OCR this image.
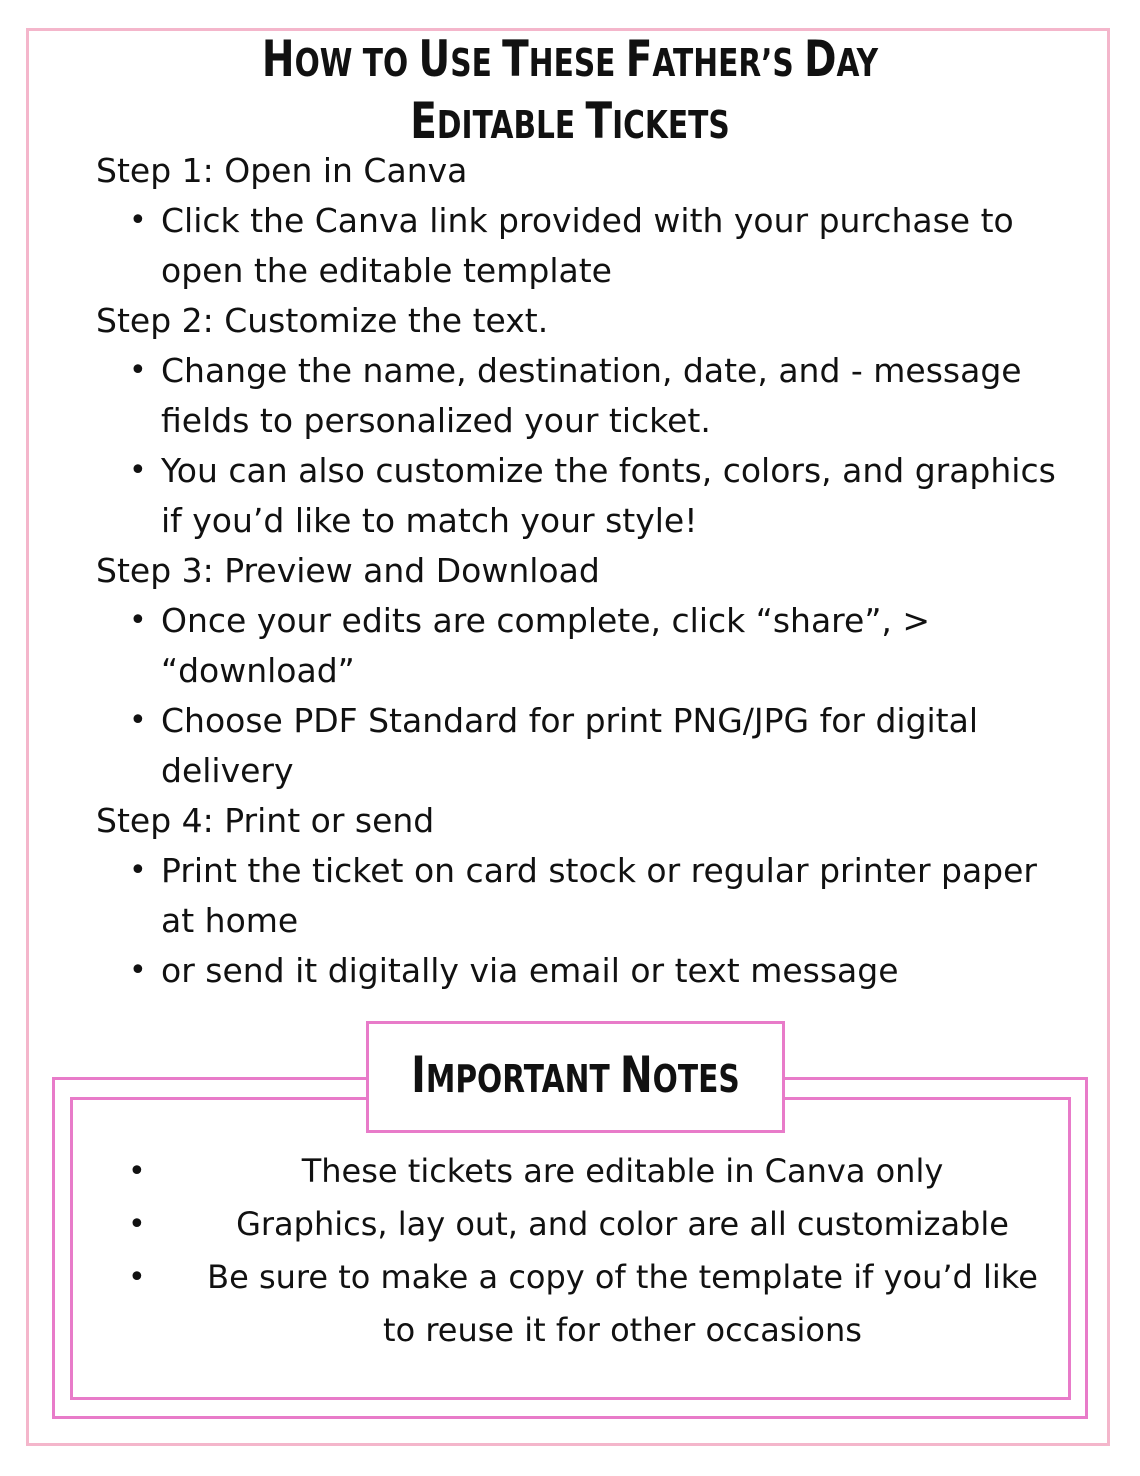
HOW TO USE THESE FATHER’S DAY
EDITABLE TICKETS
Step 1: Open in Canva
• Click the Canva link provided with your purchase to
open the editable template
Step 2: Customize the text.
• Change the name, destination, date, and - message
fields to personalized your ticket.
• You can also customize the fonts, colors, and graphics
if you’d like to match your style!
Step 3: Preview and Download
• Once your edits are complete, click “share”, >
“download”
• Choose PDF Standard for print PNG/JPG for digital
delivery
Step 4: Print or send
• Print the ticket on card stock or regular printer paper
at home
• or send it digitally via email or text message
IMPORTANT NOTES
•	These tickets are editable in Canva only
•	Graphics, lay out, and color are all customizable
•	Be sure to make a copy of the template if you’d like
to reuse it for other occasions
